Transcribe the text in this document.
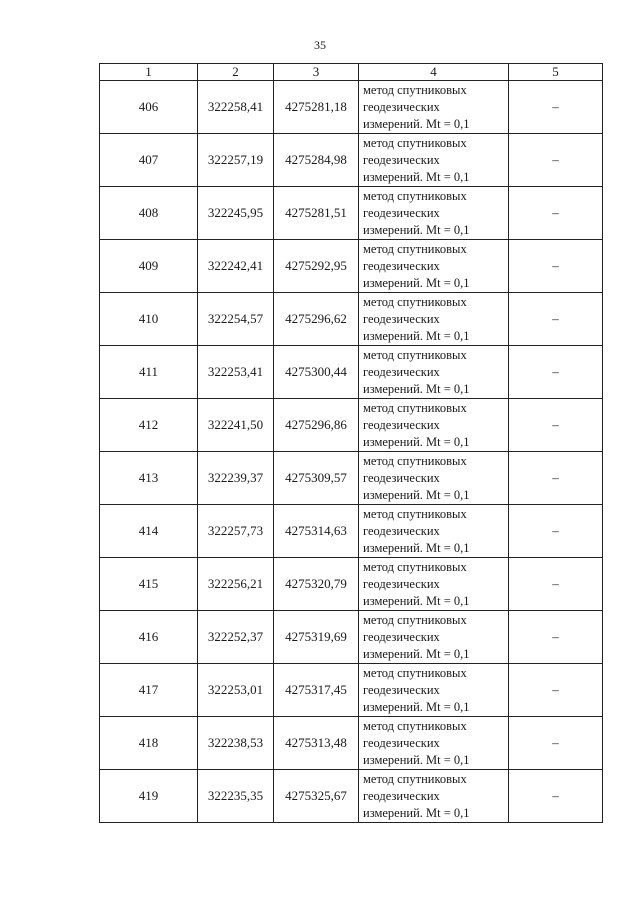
35
1	2	3	4	5
406	322258,41	4275281,18	метод спутниковых
геодезических
измерений. Mt = 0,1	–
407	322257,19	4275284,98	метод спутниковых
геодезических
измерений. Mt = 0,1	–
408	322245,95	4275281,51	метод спутниковых
геодезических
измерений. Mt = 0,1	–
409	322242,41	4275292,95	метод спутниковых
геодезических
измерений. Mt = 0,1	–
410	322254,57	4275296,62	метод спутниковых
геодезических
измерений. Mt = 0,1	–
411	322253,41	4275300,44	метод спутниковых
геодезических
измерений. Mt = 0,1	–
412	322241,50	4275296,86	метод спутниковых
геодезических
измерений. Mt = 0,1	–
413	322239,37	4275309,57	метод спутниковых
геодезических
измерений. Mt = 0,1	–
414	322257,73	4275314,63	метод спутниковых
геодезических
измерений. Mt = 0,1	–
415	322256,21	4275320,79	метод спутниковых
геодезических
измерений. Mt = 0,1	–
416	322252,37	4275319,69	метод спутниковых
геодезических
измерений. Mt = 0,1	–
417	322253,01	4275317,45	метод спутниковых
геодезических
измерений. Mt = 0,1	–
418	322238,53	4275313,48	метод спутниковых
геодезических
измерений. Mt = 0,1	–
419	322235,35	4275325,67	метод спутниковых
геодезических
измерений. Mt = 0,1	–
